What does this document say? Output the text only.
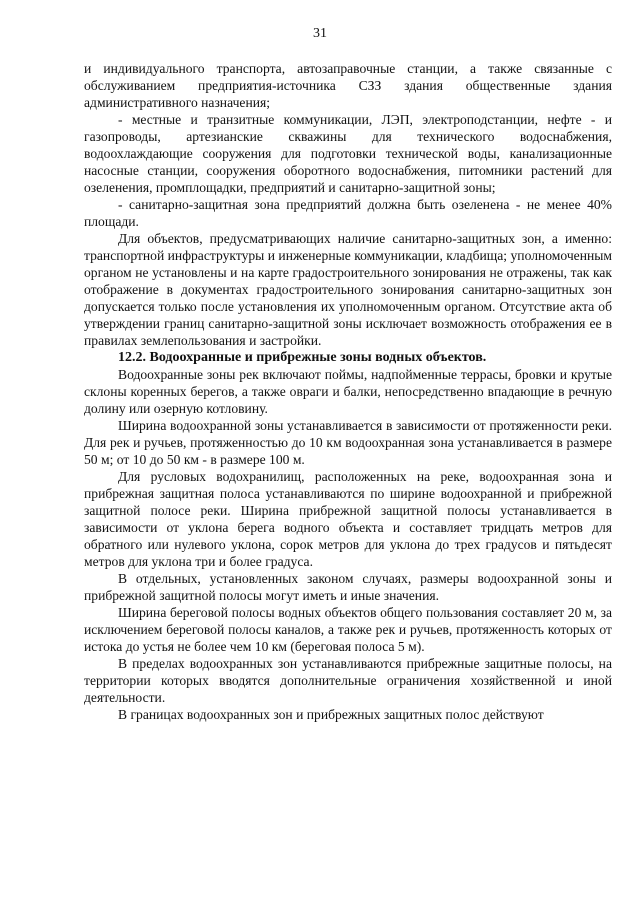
31

и индивидуального транспорта, автозаправочные станции, а также связанные с обслуживанием предприятия-источника СЗЗ здания общественные здания административного назначения;

- местные и транзитные коммуникации, ЛЭП, электроподстанции, нефте - и газопроводы, артезианские скважины для технического водоснабжения, водоохлаждающие сооружения для подготовки технической воды, канализационные насосные станции, сооружения оборотного водоснабжения, питомники растений для озеленения, промплощадки, предприятий и санитарно-защитной зоны;

- санитарно-защитная зона предприятий должна быть озеленена - не менее 40% площади.

Для объектов, предусматривающих наличие санитарно-защитных зон, а именно: транспортной инфраструктуры и инженерные коммуникации, кладбища; уполномоченным органом не установлены и на карте градостроительного зонирования не отражены, так как отображение в документах градостроительного зонирования санитарно-защитных зон допускается только после установления их уполномоченным органом. Отсутствие акта об утверждении границ санитарно-защитной зоны исключает возможность отображения ее в правилах землепользования и застройки.

12.2. Водоохранные и прибрежные зоны водных объектов.

Водоохранные зоны рек включают поймы, надпойменные террасы, бровки и крутые склоны коренных берегов, а также овраги и балки, непосредственно впадающие в речную долину или озерную котловину.

Ширина водоохранной зоны устанавливается в зависимости от протяженности реки. Для рек и ручьев, протяженностью до 10 км водоохранная зона устанавливается в размере 50 м; от 10 до 50 км - в размере 100 м.

Для русловых водохранилищ, расположенных на реке, водоохранная зона и прибрежная защитная полоса устанавливаются по ширине водоохранной и прибрежной защитной полосе реки. Ширина прибрежной защитной полосы устанавливается в зависимости от уклона берега водного объекта и составляет тридцать метров для обратного или нулевого уклона, сорок метров для уклона до трех градусов и пятьдесят метров для уклона три и более градуса.

В отдельных, установленных законом случаях, размеры водоохранной зоны и прибрежной защитной полосы могут иметь и иные значения.

Ширина береговой полосы водных объектов общего пользования составляет 20 м, за исключением береговой полосы каналов, а также рек и ручьев, протяженность которых от истока до устья не более чем 10 км (береговая полоса 5 м).

В пределах водоохранных зон устанавливаются прибрежные защитные полосы, на территории которых вводятся дополнительные ограничения хозяйственной и иной деятельности.

В границах водоохранных зон и прибрежных защитных полос действуют
